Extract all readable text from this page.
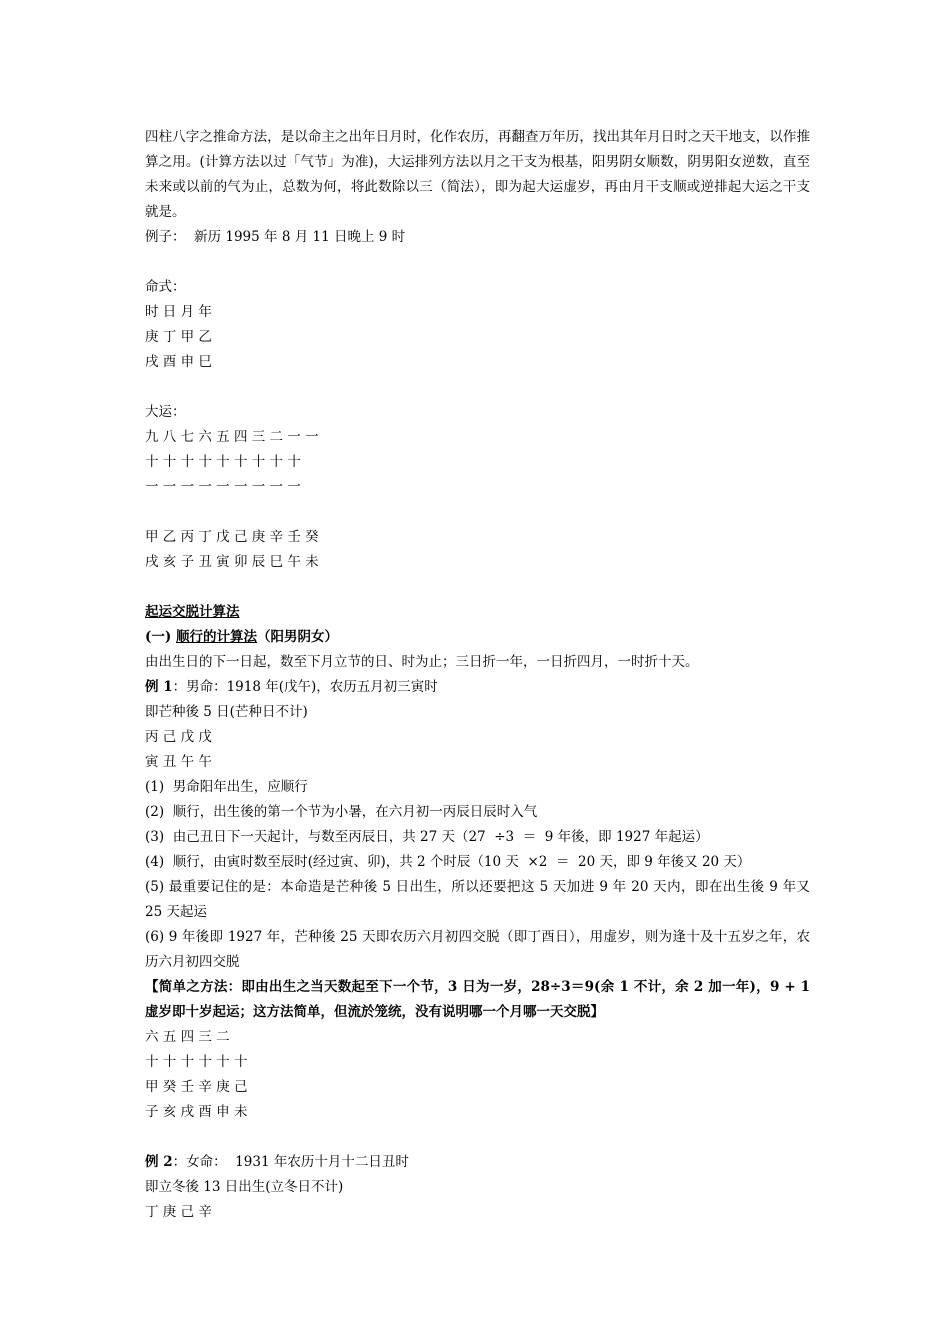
四柱八字之推命方法，是以命主之出年日月时，化作农历，再翻查万年历，找出其年月日时之天干地支，以作推算之用。(计算方法以过「气节」为准)，大运排列方法以月之干支为根基，阳男阴女顺数，阴男阳女逆数，直至未来或以前的气为止，总数为何，将此数除以三（简法），即为起大运虚岁，再由月干支顺或逆排起大运之干支就是。

例子：  新历 1995 年 8 月 11 日晚上 9 时

命式：

时 日 月 年

庚 丁 甲 乙

戌 酉 申 巳

大运：

九 八 七 六 五 四 三 二 一 一

十 十 十 十 十 十 十 十 十

一 一 一 一 一 一 一 一 一

甲 乙 丙 丁 戊 己 庚 辛 壬 癸

戌 亥 子 丑 寅 卯 辰 巳 午 未

起运交脱计算法

(一) 顺行的计算法（阳男阴女）

由出生日的下一日起，数至下月立节的日、时为止；三日折一年，一日折四月，一时折十天。

例 1：男命：1918 年(戊午)，农历五月初三寅时

即芒种後 5 日(芒种日不计)

丙 己 戊 戊

寅 丑 午 午

(1)  男命阳年出生，应顺行

(2)  顺行，出生後的第一个节为小暑，在六月初一丙辰日辰时入气

(3)  由己丑日下一天起计，与数至丙辰日，共 27 天（27  ÷3  ＝  9 年後，即 1927 年起运）

(4)  顺行，由寅时数至辰时(经过寅、卯)，共 2 个时辰（10 天  ×2  ＝  20 天，即 9 年後又 20 天）

(5) 最重要记住的是：本命造是芒种後 5 日出生，所以还要把这 5 天加进 9 年 20 天内，即在出生後 9 年又 25 天起运

(6) 9 年後即 1927 年，芒种後 25 天即农历六月初四交脱（即丁酉日），用虚岁，则为逢十及十五岁之年，农历六月初四交脱

【简单之方法：即由出生之当天数起至下一个节，3 日为一岁，28÷3＝9(余 1 不计，余 2 加一年)，9 + 1 虚岁即十岁起运；这方法简单，但流於笼统，没有说明哪一个月哪一天交脱】

六 五 四 三 二

十 十 十 十 十 十

甲 癸 壬 辛 庚 己

子 亥 戌 酉 申 未

例 2：女命：  1931 年农历十月十二日丑时

即立冬後 13 日出生(立冬日不计)

丁 庚 己 辛
